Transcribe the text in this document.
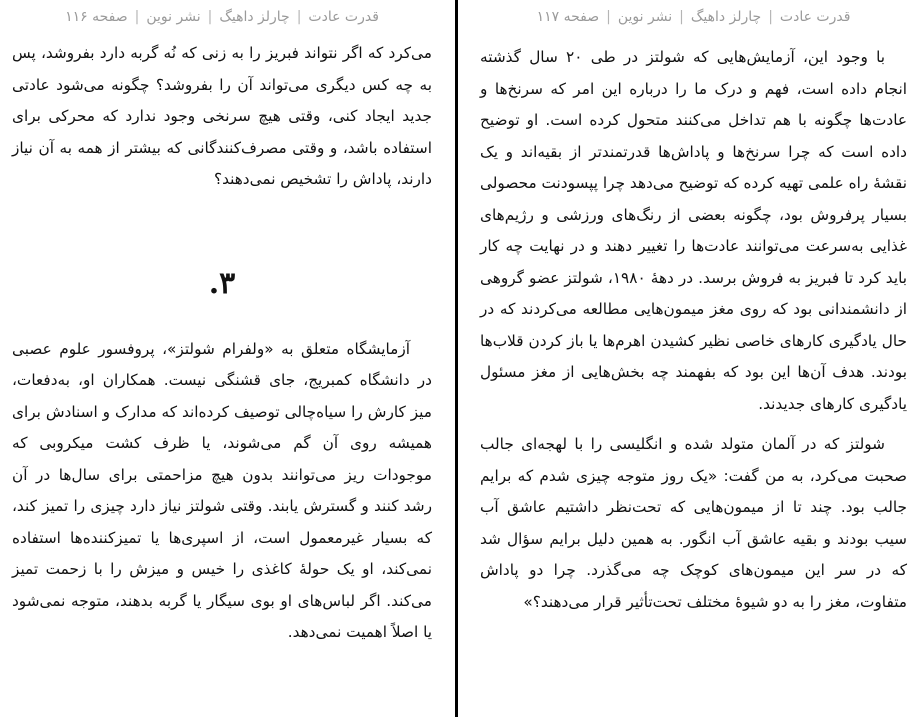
قدرت عادت|چارلز داهیگ|نشر نوین|صفحه ۱۱۶

می‌کرد که اگر نتواند فبریز را به زنی که نُه گربه دارد بفروشد، پس به چه کس دیگری می‌تواند آن را بفروشد؟ چگونه می‌شود عادتی جدید ایجاد کنی، وقتی هیچ سرنخی وجود ندارد که محرکی برای استفاده باشد، و وقتی مصرف‌کنندگانی که بیشتر از همه به آن نیاز دارند، پاداش را تشخیص نمی‌دهند؟

۳.

آزمایشگاه متعلق به «ولفرام شولتز»، پروفسور علوم عصبی در دانشگاه کمبریج، جای قشنگی نیست. همکاران او، به‌دفعات، میز کارش را سیاه‌چالی توصیف کرده‌اند که مدارک و اسنادش برای همیشه روی آن گم می‌شوند، یا ظرف کشت میکروبی که موجودات ریز می‌توانند بدون هیچ مزاحمتی برای سال‌ها در آن رشد کنند و گسترش یابند. وقتی شولتز نیاز دارد چیزی را تمیز کند، که بسیار غیرمعمول است، از اسپری‌ها یا تمیزکننده‌ها استفاده نمی‌کند، او یک حولهٔ کاغذی را خیس و میزش را با زحمت تمیز می‌کند. اگر لباس‌های او بوی سیگار یا گربه بدهند، متوجه نمی‌شود یا اصلاً اهمیت نمی‌دهد.

قدرت عادت|چارلز داهیگ|نشر نوین|صفحه ۱۱۷

با وجود این، آزمایش‌هایی که شولتز در طی ۲۰ سال گذشته انجام داده است، فهم و درک ما را درباره این امر که سرنخ‌ها و عادت‌ها چگونه با هم تداخل می‌کنند متحول کرده است. او توضیح داده است که چرا سرنخ‌ها و پاداش‌ها قدرتمندتر از بقیه‌اند و یک نقشهٔ راه علمی تهیه کرده که توضیح می‌دهد چرا پپسودنت محصولی بسیار پرفروش بود، چگونه بعضی از رنگ‌های ورزشی و رژیم‌های غذایی به‌سرعت می‌توانند عادت‌ها را تغییر دهند و در نهایت چه کار باید کرد تا فبریز به فروش برسد. در دههٔ ۱۹۸۰، شولتز عضو گروهی از دانشمندانی بود که روی مغز میمون‌هایی مطالعه می‌کردند که در حال یادگیری کارهای خاصی نظیر کشیدن اهرم‌ها یا باز کردن قلاب‌ها بودند. هدف آن‌ها این بود که بفهمند چه بخش‌هایی از مغز مسئول یادگیری کارهای جدیدند.

شولتز که در آلمان متولد شده و انگلیسی را با لهجه‌ای جالب صحبت می‌کرد، به من گفت: «یک روز متوجه چیزی شدم که برایم جالب بود. چند تا از میمون‌هایی که تحت‌نظر داشتیم عاشق آب سیب بودند و بقیه عاشق آب انگور. به همین دلیل برایم سؤال شد که در سر این میمون‌های کوچک چه می‌گذرد. چرا دو پاداش متفاوت، مغز را به دو شیوهٔ مختلف تحت‌تأثیر قرار می‌دهند؟»
